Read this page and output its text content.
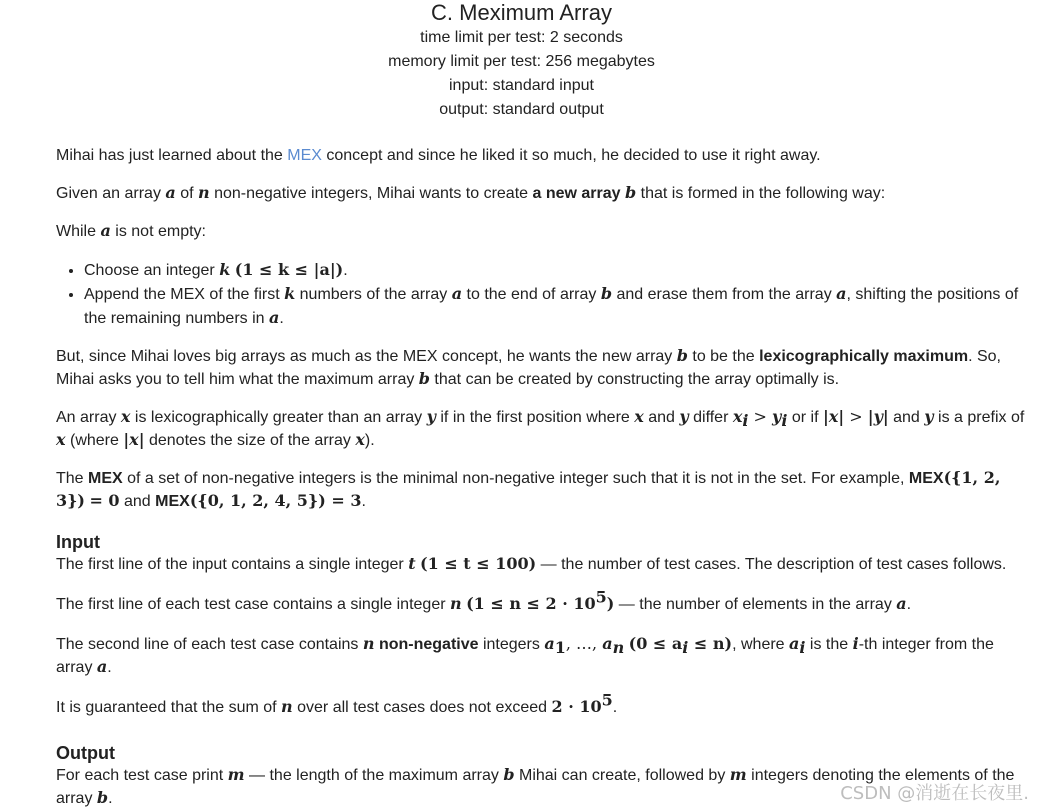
C. Meximum Array
time limit per test: 2 seconds
memory limit per test: 256 megabytes
input: standard input
output: standard output

Mihai has just learned about the MEX concept and since he liked it so much, he decided to use it right away.

Given an array a of n non-negative integers, Mihai wants to create a new array b that is formed in the following way:

While a is not empty:

• Choose an integer k (1 ≤ k ≤ |a|).
• Append the MEX of the first k numbers of the array a to the end of array b and erase them from the array a, shifting the positions of the remaining numbers in a.

But, since Mihai loves big arrays as much as the MEX concept, he wants the new array b to be the lexicographically maximum. So, Mihai asks you to tell him what the maximum array b that can be created by constructing the array optimally is.

An array x is lexicographically greater than an array y if in the first position where x and y differ $x_i > y_i$ or if |x| > |y| and y is a prefix of x (where |x| denotes the size of the array x).

The MEX of a set of non-negative integers is the minimal non-negative integer such that it is not in the set. For example, MEX({1, 2, 3}) = 0 and MEX({0, 1, 2, 4, 5}) = 3.

Input

The first line of the input contains a single integer t (1 ≤ t ≤ 100) — the number of test cases. The description of test cases follows.

The first line of each test case contains a single integer n $(1 \le n \le 2 \cdot 10^5)$ — the number of elements in the array a.

The second line of each test case contains n non-negative integers $a_1$, …, $a_n$ $(0 \le a_i \le n)$, where $a_i$ is the i-th integer from the array a.

It is guaranteed that the sum of n over all test cases does not exceed $2 \cdot 10^5$.

Output

For each test case print m — the length of the maximum array b Mihai can create, followed by m integers denoting the elements of the array b.	CSDN @消逝在长夜里.
